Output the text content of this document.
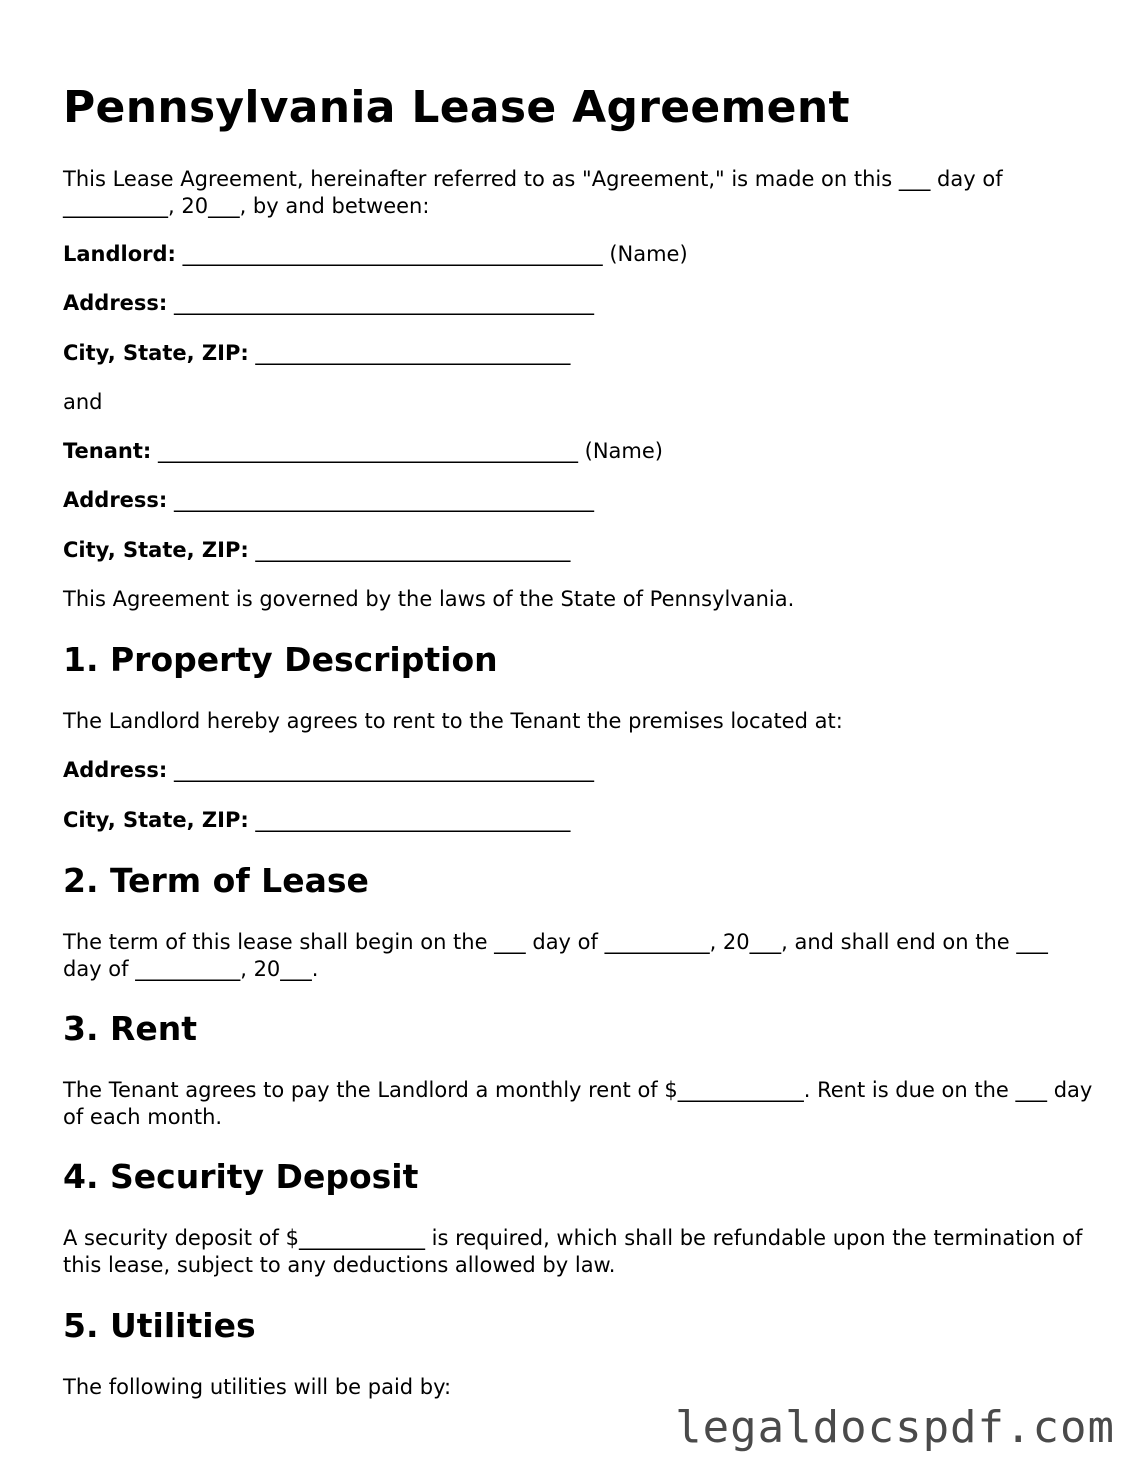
Pennsylvania Lease Agreement

This Lease Agreement, hereinafter referred to as "Agreement," is made on this ___ day of __________, 20___, by and between:

Landlord: ________________________________________ (Name)

Address: ________________________________________

City, State, ZIP: ______________________________

and

Tenant: ________________________________________ (Name)

Address: ________________________________________

City, State, ZIP: ______________________________

This Agreement is governed by the laws of the State of Pennsylvania.

1. Property Description

The Landlord hereby agrees to rent to the Tenant the premises located at:

Address: ________________________________________

City, State, ZIP: ______________________________

2. Term of Lease

The term of this lease shall begin on the ___ day of __________, 20___, and shall end on the ___ day of __________, 20___.

3. Rent

The Tenant agrees to pay the Landlord a monthly rent of $____________. Rent is due on the ___ day of each month.

4. Security Deposit

A security deposit of $____________ is required, which shall be refundable upon the termination of this lease, subject to any deductions allowed by law.

5. Utilities

The following utilities will be paid by:

legaldocspdf.com
